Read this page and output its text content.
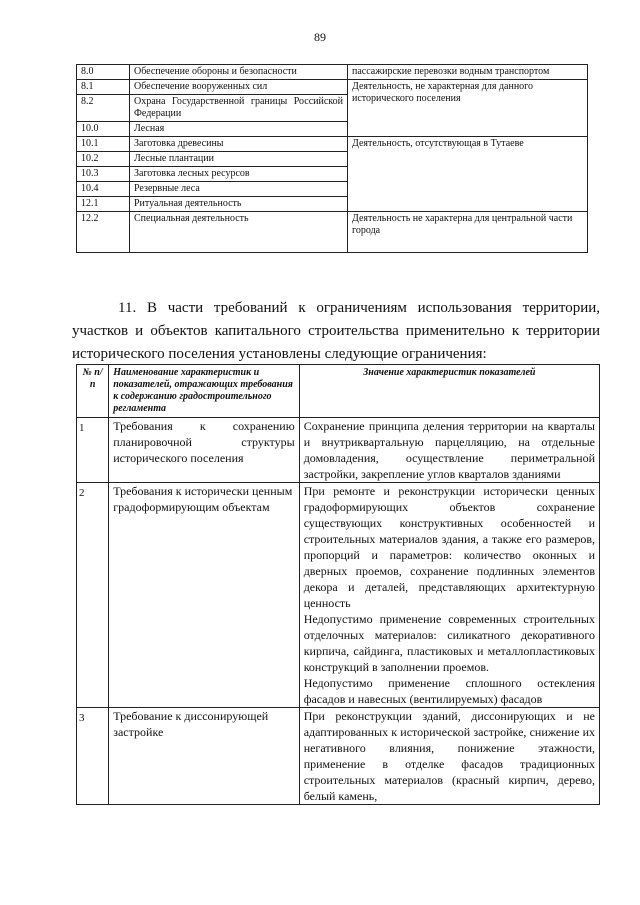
89
8.0	Обеспечение обороны и безопасности	пассажирские перевозки водным транспортом
8.1	Обеспечение вооруженных сил	Деятельность, не характерная для данного исторического поселения
8.2	Охрана Государственной границы Российской Федерации	
10.0	Лесная	
10.1	Заготовка древесины	Деятельность, отсутствующая в Тутаеве
10.2	Лесные плантации	
10.3	Заготовка лесных ресурсов	
10.4	Резервные леса	
12.1	Ритуальная деятельность	
12.2	Специальная деятельность	Деятельность не характерна для центральной части города

11. В части требований к ограничениям использования территории, участков и объектов капитального строительства применительно к территории исторического поселения установлены следующие ограничения:

№ п/п	Наименование характеристик и показателей, отражающих требования к содержанию градостроительного регламента	Значение характеристик показателей
1	Требования к сохранению планировочной структуры исторического поселения	Сохранение принципа деления территории на кварталы и внутриквартальную парцелляцию, на отдельные домовладения, осуществление периметральной застройки, закрепление углов кварталов зданиями

2	Требования к исторически ценным градоформирующим объектам	При ремонте и реконструкции исторически ценных градоформирующих объектов сохранение существующих конструктивных особенностей и строительных материалов здания, а также его размеров, пропорций и параметров: количество оконных и дверных проемов, сохранение подлинных элементов декора и деталей, представляющих архитектурную ценность
Недопустимо применение современных строительных отделочных материалов: силикатного декоративного кирпича, сайдинга, пластиковых и металлопластиковых конструкций в заполнении проемов.
Недопустимо применение сплошного остекления фасадов и навесных (вентилируемых) фасадов

3	Требование к диссонирующей застройке	При реконструкции зданий, диссонирующих и не адаптированных к исторической застройке, снижение их негативного влияния, понижение этажности, применение в отделке фасадов традиционных строительных материалов (красный кирпич, дерево, белый камень,
